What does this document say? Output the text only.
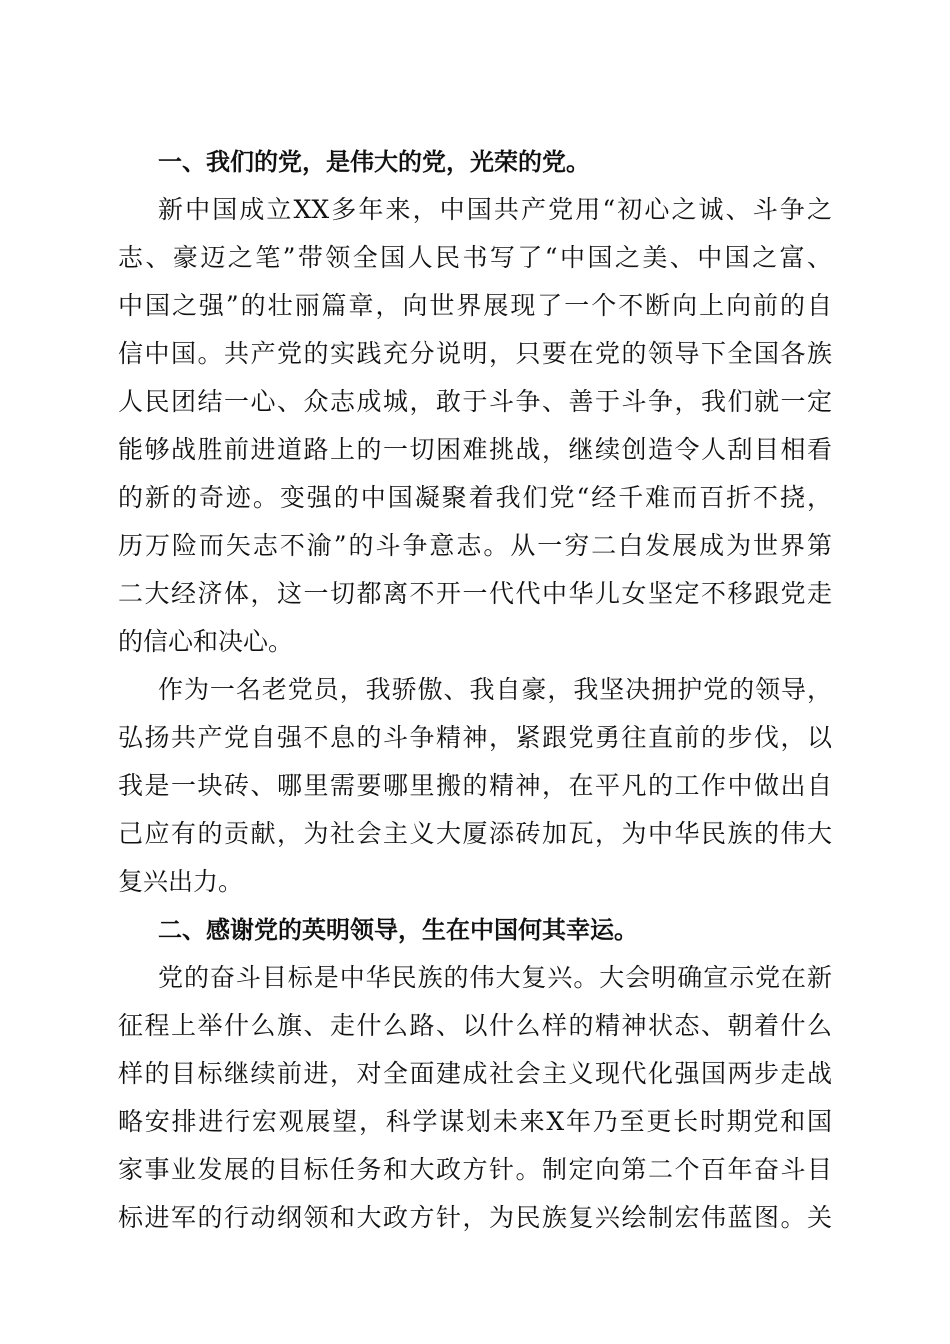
一、我们的党，是伟大的党，光荣的党。
新中国成立XX多年来，中国共产党用“初心之诚、斗争之
志、豪迈之笔”带领全国人民书写了“中国之美、中国之富、
中国之强”的壮丽篇章，向世界展现了一个不断向上向前的自
信中国。共产党的实践充分说明，只要在党的领导下全国各族
人民团结一心、众志成城，敢于斗争、善于斗争，我们就一定
能够战胜前进道路上的一切困难挑战，继续创造令人刮目相看
的新的奇迹。变强的中国凝聚着我们党“经千难而百折不挠，
历万险而矢志不渝”的斗争意志。从一穷二白发展成为世界第
二大经济体，这一切都离不开一代代中华儿女坚定不移跟党走
的信心和决心。
作为一名老党员，我骄傲、我自豪，我坚决拥护党的领导，
弘扬共产党自强不息的斗争精神，紧跟党勇往直前的步伐，以
我是一块砖、哪里需要哪里搬的精神，在平凡的工作中做出自
己应有的贡献，为社会主义大厦添砖加瓦，为中华民族的伟大
复兴出力。
二、感谢党的英明领导，生在中国何其幸运。
党的奋斗目标是中华民族的伟大复兴。大会明确宣示党在新
征程上举什么旗、走什么路、以什么样的精神状态、朝着什么
样的目标继续前进，对全面建成社会主义现代化强国两步走战
略安排进行宏观展望，科学谋划未来X年乃至更长时期党和国
家事业发展的目标任务和大政方针。制定向第二个百年奋斗目
标进军的行动纲领和大政方针，为民族复兴绘制宏伟蓝图。关
